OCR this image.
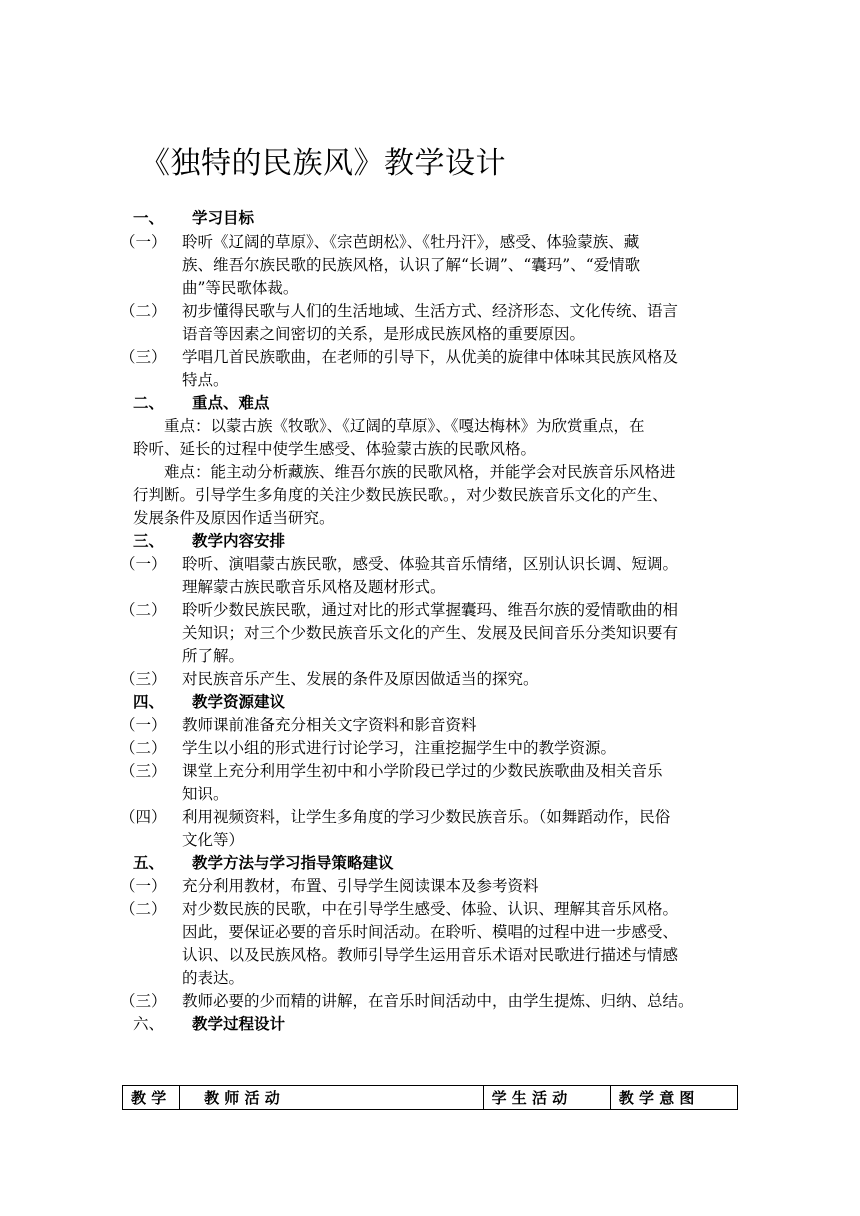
《独特的民族风》教学设计
一、 学习目标
（一） 聆听《辽阔的草原》、《宗芭朗松》、《牡丹汗》，感受、体验蒙族、藏
族、维吾尔族民歌的民族风格，认识了解“长调”、“囊玛”、“爱情歌
曲”等民歌体裁。
（二） 初步懂得民歌与人们的生活地域、生活方式、经济形态、文化传统、语言
语音等因素之间密切的关系，是形成民族风格的重要原因。
（三） 学唱几首民族歌曲，在老师的引导下，从优美的旋律中体味其民族风格及
特点。
二、 重点、难点
重点：以蒙古族《牧歌》、《辽阔的草原》、《嘎达梅林》为欣赏重点，在
聆听、延长的过程中使学生感受、体验蒙古族的民歌风格。
难点：能主动分析藏族、维吾尔族的民歌风格，并能学会对民族音乐风格进
行判断。引导学生多角度的关注少数民族民歌。，对少数民族音乐文化的产生、
发展条件及原因作适当研究。
三、 教学内容安排
（一） 聆听、演唱蒙古族民歌，感受、体验其音乐情绪，区别认识长调、短调。
理解蒙古族民歌音乐风格及题材形式。
（二） 聆听少数民族民歌，通过对比的形式掌握囊玛、维吾尔族的爱情歌曲的相
关知识；对三个少数民族音乐文化的产生、发展及民间音乐分类知识要有
所了解。
（三） 对民族音乐产生、发展的条件及原因做适当的探究。
四、 教学资源建议
（一） 教师课前准备充分相关文字资料和影音资料
（二） 学生以小组的形式进行讨论学习，注重挖掘学生中的教学资源。
（三） 课堂上充分利用学生初中和小学阶段已学过的少数民族歌曲及相关音乐
知识。
（四） 利用视频资料，让学生多角度的学习少数民族音乐。（如舞蹈动作，民俗
文化等）
五、 教学方法与学习指导策略建议
（一） 充分利用教材，布置、引导学生阅读课本及参考资料
（二） 对少数民族的民歌，中在引导学生感受、体验、认识、理解其音乐风格。
因此，要保证必要的音乐时间活动。在聆听、模唱的过程中进一步感受、
认识、以及民族风格。教师引导学生运用音乐术语对民歌进行描述与情感
的表达。
（三） 教师必要的少而精的讲解，在音乐时间活动中，由学生提炼、归纳、总结。
六、 教学过程设计
教 学	教 师 活 动	学 生 活 动	教 学 意 图
